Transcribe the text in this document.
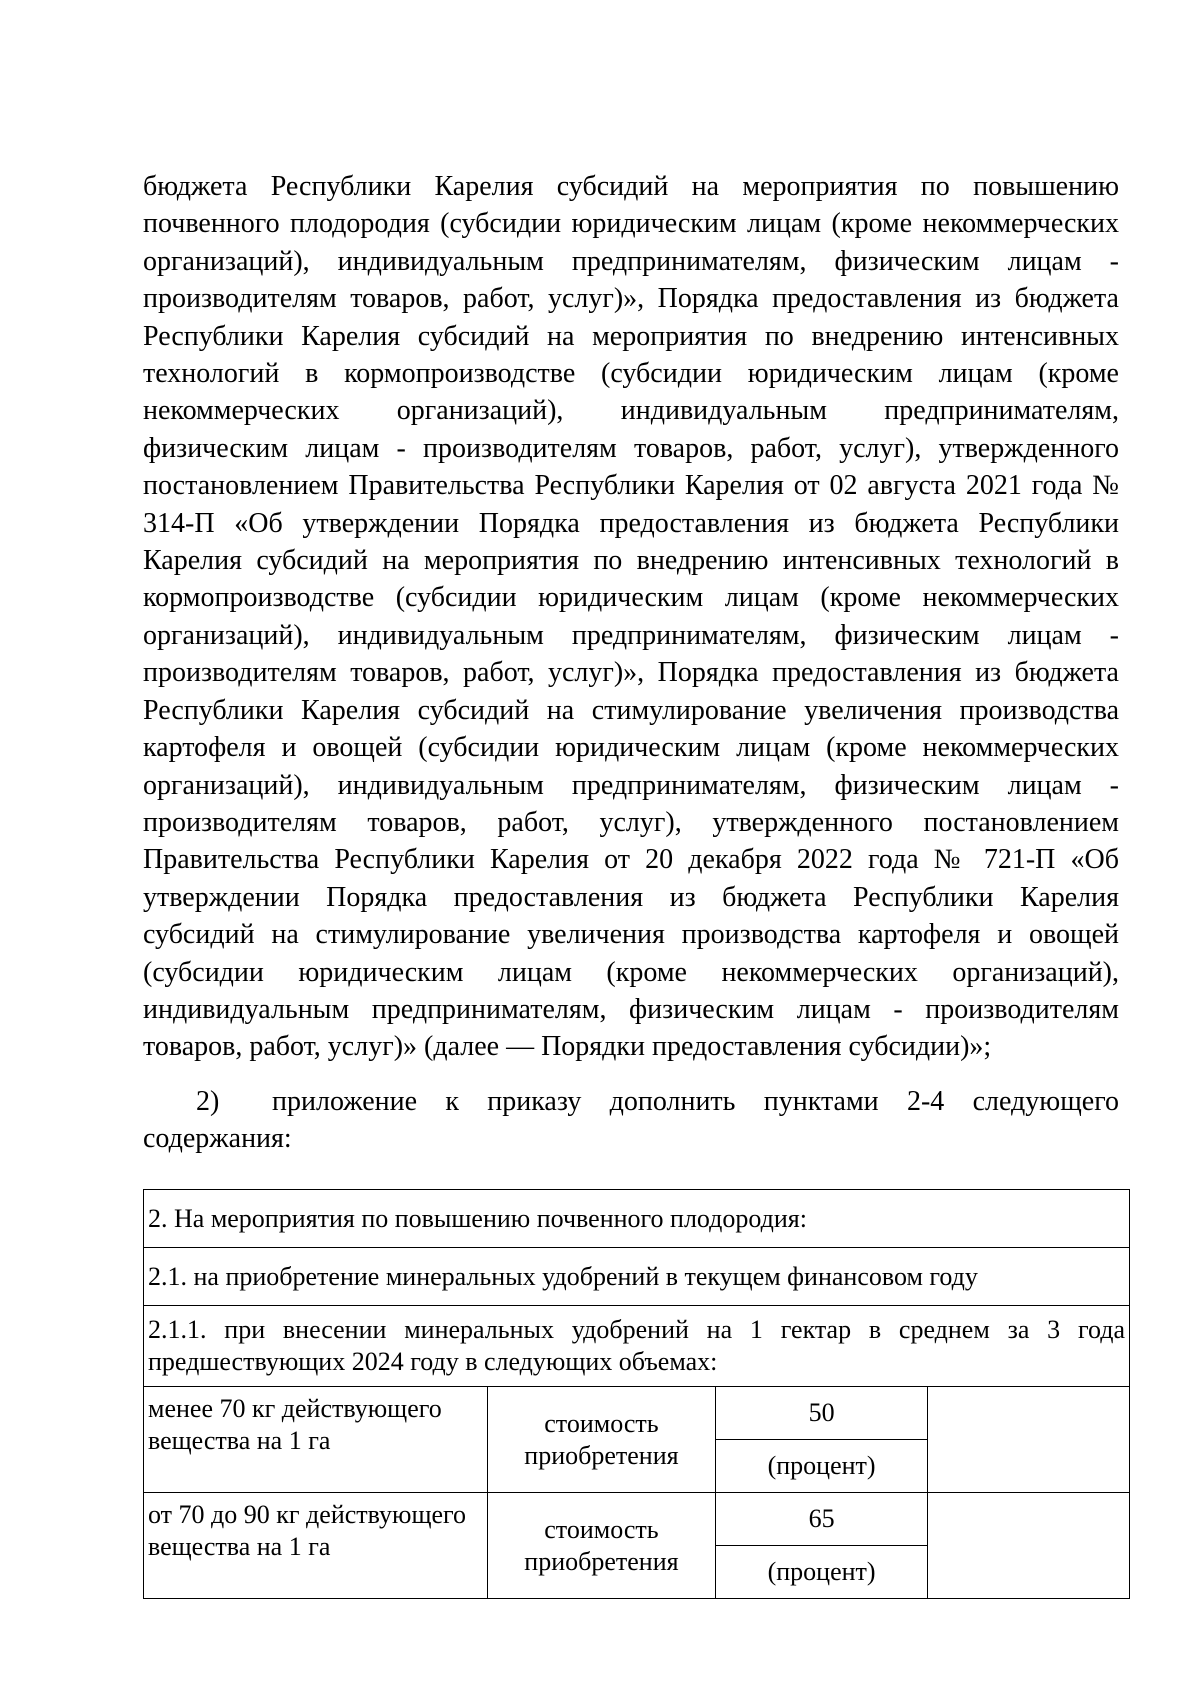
бюджета Республики Карелия субсидий на мероприятия по повышению почвенного плодородия (субсидии юридическим лицам (кроме некоммерческих организаций), индивидуальным предпринимателям, физическим лицам - производителям товаров, работ, услуг)», Порядка предоставления из бюджета Республики Карелия субсидий на мероприятия по внедрению интенсивных технологий в кормопроизводстве (субсидии юридическим лицам (кроме некоммерческих организаций), индивидуальным предпринимателям, физическим лицам - производителям товаров, работ, услуг), утвержденного постановлением Правительства Республики Карелия от 02 августа 2021 года № 314-П «Об утверждении Порядка предоставления из бюджета Республики Карелия субсидий на мероприятия по внедрению интенсивных технологий в кормопроизводстве (субсидии юридическим лицам (кроме некоммерческих организаций), индивидуальным предпринимателям, физическим лицам - производителям товаров, работ, услуг)», Порядка предоставления из бюджета Республики Карелия субсидий на стимулирование увеличения производства картофеля и овощей (субсидии юридическим лицам (кроме некоммерческих организаций), индивидуальным предпринимателям, физическим лицам - производителям товаров, работ, услуг), утвержденного постановлением Правительства Республики Карелия от 20 декабря 2022 года № 721-П «Об утверждении Порядка предоставления из бюджета Республики Карелия субсидий на стимулирование увеличения производства картофеля и овощей (субсидии юридическим лицам (кроме некоммерческих организаций), индивидуальным предпринимателям, физическим лицам - производителям товаров, работ, услуг)» (далее — Порядки предоставления субсидии)»;

2) приложение к приказу дополнить пунктами 2-4 следующего содержания:

2. На мероприятия по повышению почвенного плодородия:			
2.1. на приобретение минеральных удобрений в текущем финансовом году			
2.1.1. при внесении минеральных удобрений на 1 гектар в среднем за 3 года предшествующих 2024 году в следующих объемах:			
менее 70 кг действующего вещества на 1 га	стоимость приобретения	50	
		(процент)	
от 70 до 90 кг действующего вещества на 1 га	стоимость приобретения	65	
		(процент)	
